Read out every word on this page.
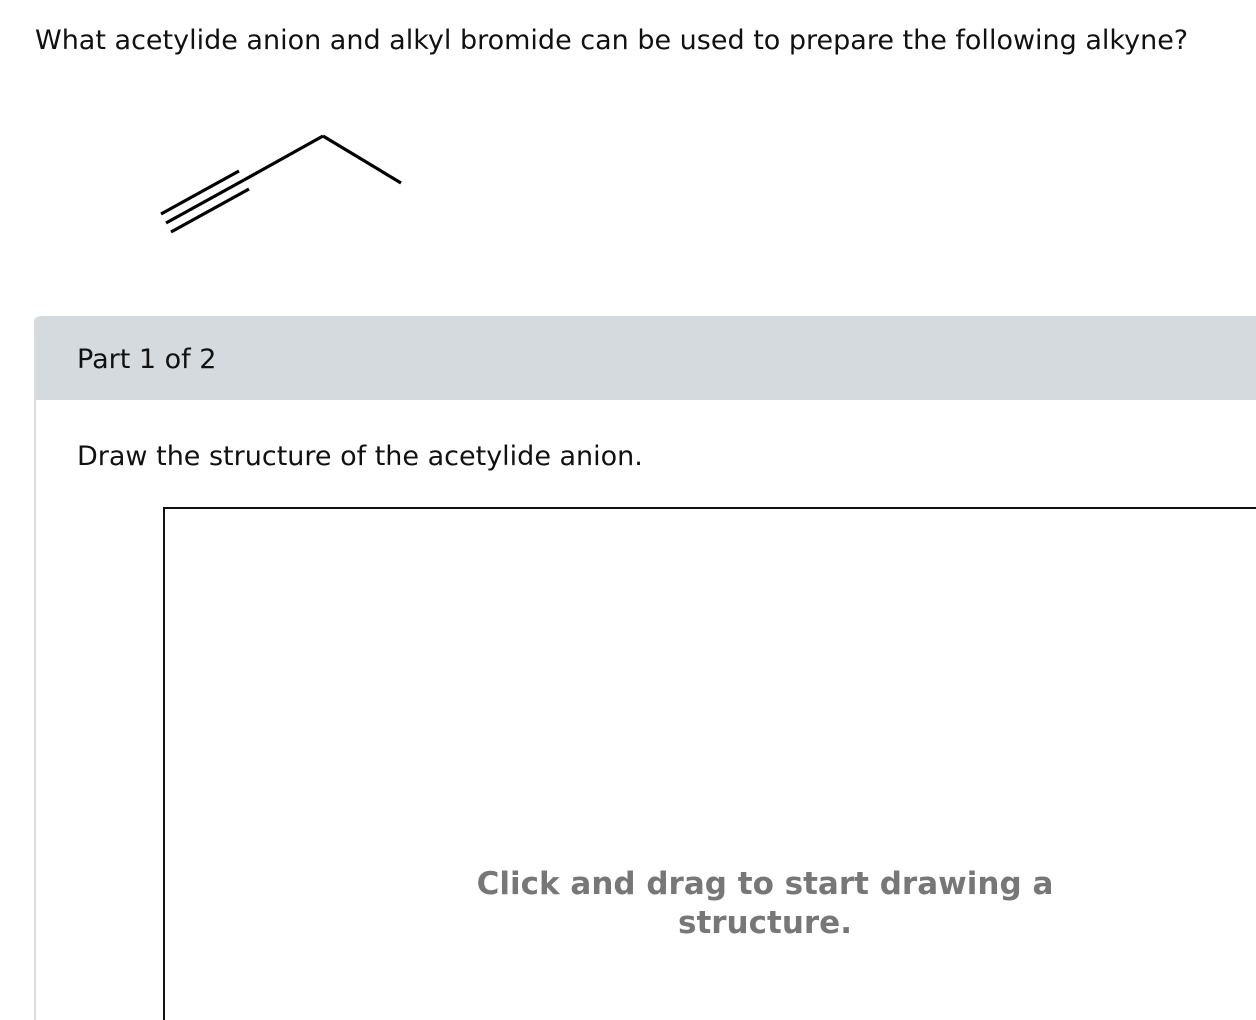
What acetylide anion and alkyl bromide can be used to prepare the following alkyne?
Part 1 of 2
Draw the structure of the acetylide anion.
Click and drag to start drawing a
structure.
